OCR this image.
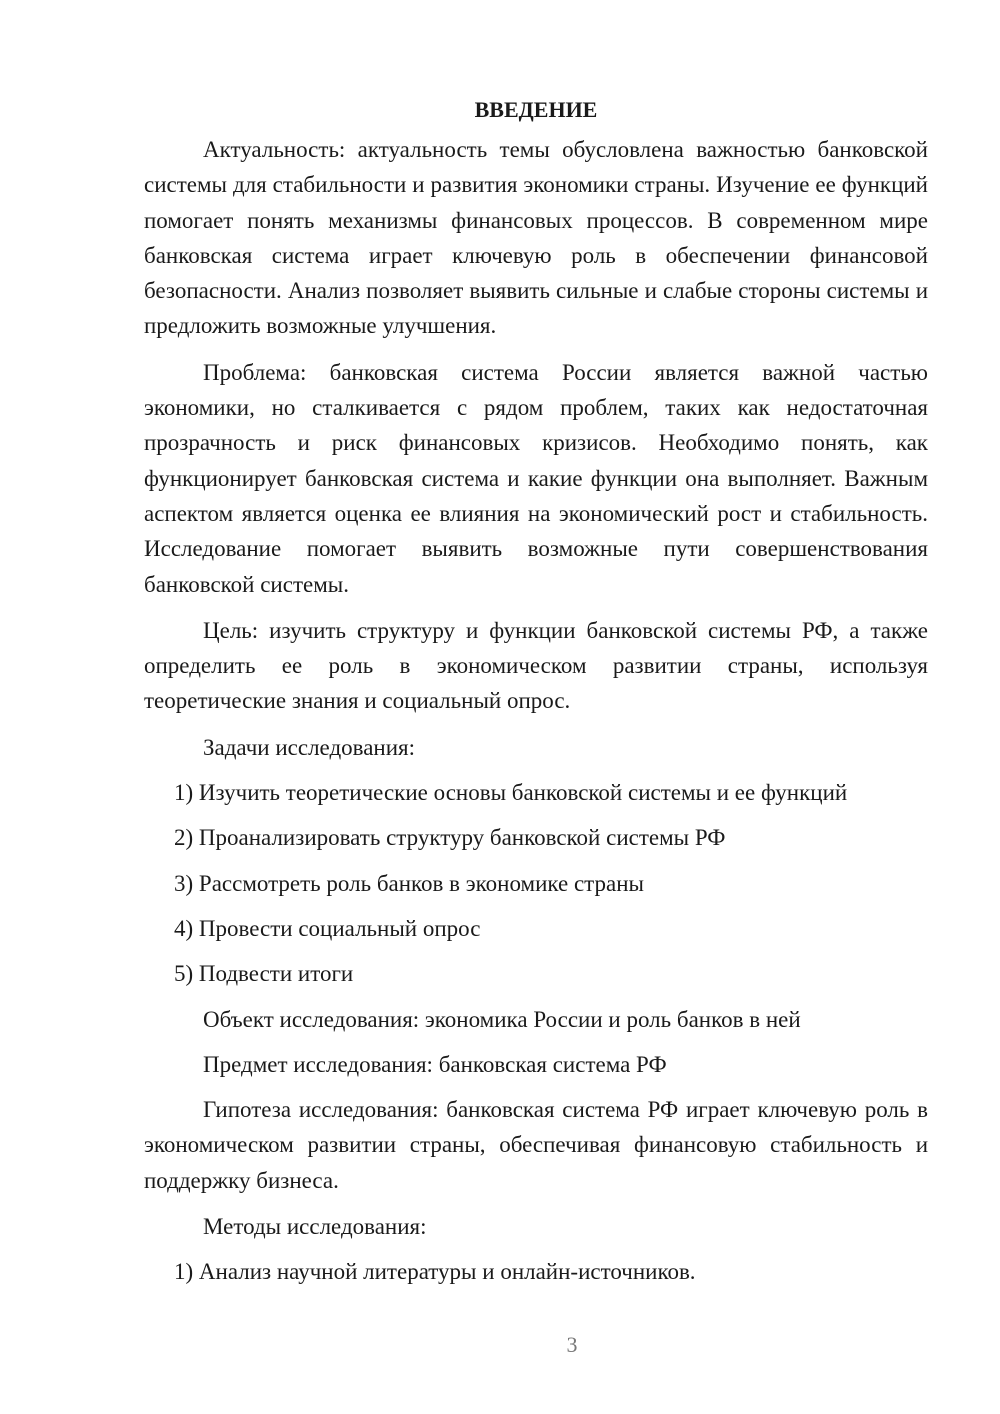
ВВЕДЕНИЕ

Актуальность: актуальность темы обусловлена важностью банковской системы для стабильности и развития экономики страны. Изучение ее функций помогает понять механизмы финансовых процессов. В современном мире банковская система играет ключевую роль в обеспечении финансовой безопасности. Анализ позволяет выявить сильные и слабые стороны системы и предложить возможные улучшения.

Проблема: банковская система России является важной частью экономики, но сталкивается с рядом проблем, таких как недостаточная прозрачность и риск финансовых кризисов. Необходимо понять, как функционирует банковская система и какие функции она выполняет. Важным аспектом является оценка ее влияния на экономический рост и стабильность. Исследование помогает выявить возможные пути совершенствования банковской системы.

Цель: изучить структуру и функции банковской системы РФ, а также определить ее роль в экономическом развитии страны, используя теоретические знания и социальный опрос.

Задачи исследования:
1) Изучить теоретические основы банковской системы и ее функций
2) Проанализировать структуру банковской системы РФ
3) Рассмотреть роль банков в экономике страны
4) Провести социальный опрос
5) Подвести итоги
Объект исследования: экономика России и роль банков в ней
Предмет исследования: банковская система РФ

Гипотеза исследования: банковская система РФ играет ключевую роль в экономическом развитии страны, обеспечивая финансовую стабильность и поддержку бизнеса.

Методы исследования:
1) Анализ научной литературы и онлайн-источников.
3
